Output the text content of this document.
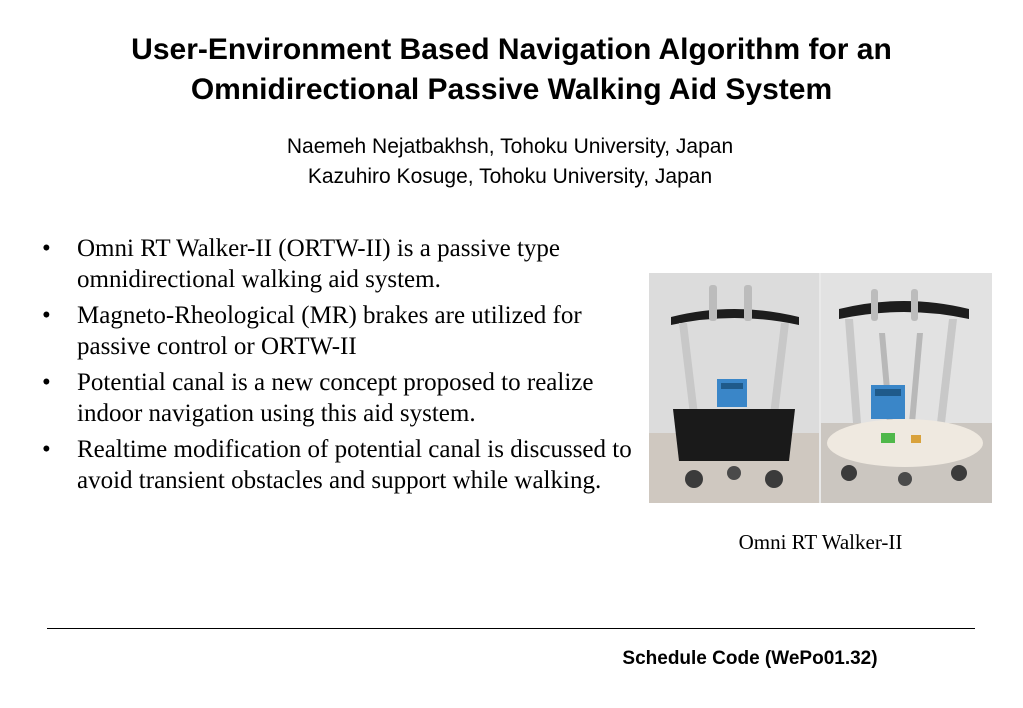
User-Environment Based Navigation Algorithm for an
Omnidirectional Passive Walking Aid System
Naemeh Nejatbakhsh, Tohoku University, Japan
Kazuhiro Kosuge, Tohoku University, Japan
• Omni RT Walker-II (ORTW-II) is a passive type omnidirectional walking aid system.
• Magneto-Rheological (MR) brakes are utilized for passive control or ORTW-II
• Potential canal is a new concept proposed to realize indoor navigation using this aid system.
• Realtime modification of potential canal is discussed to avoid transient obstacles and support while walking.
Omni RT Walker-II
Schedule Code (WePo01.32)
